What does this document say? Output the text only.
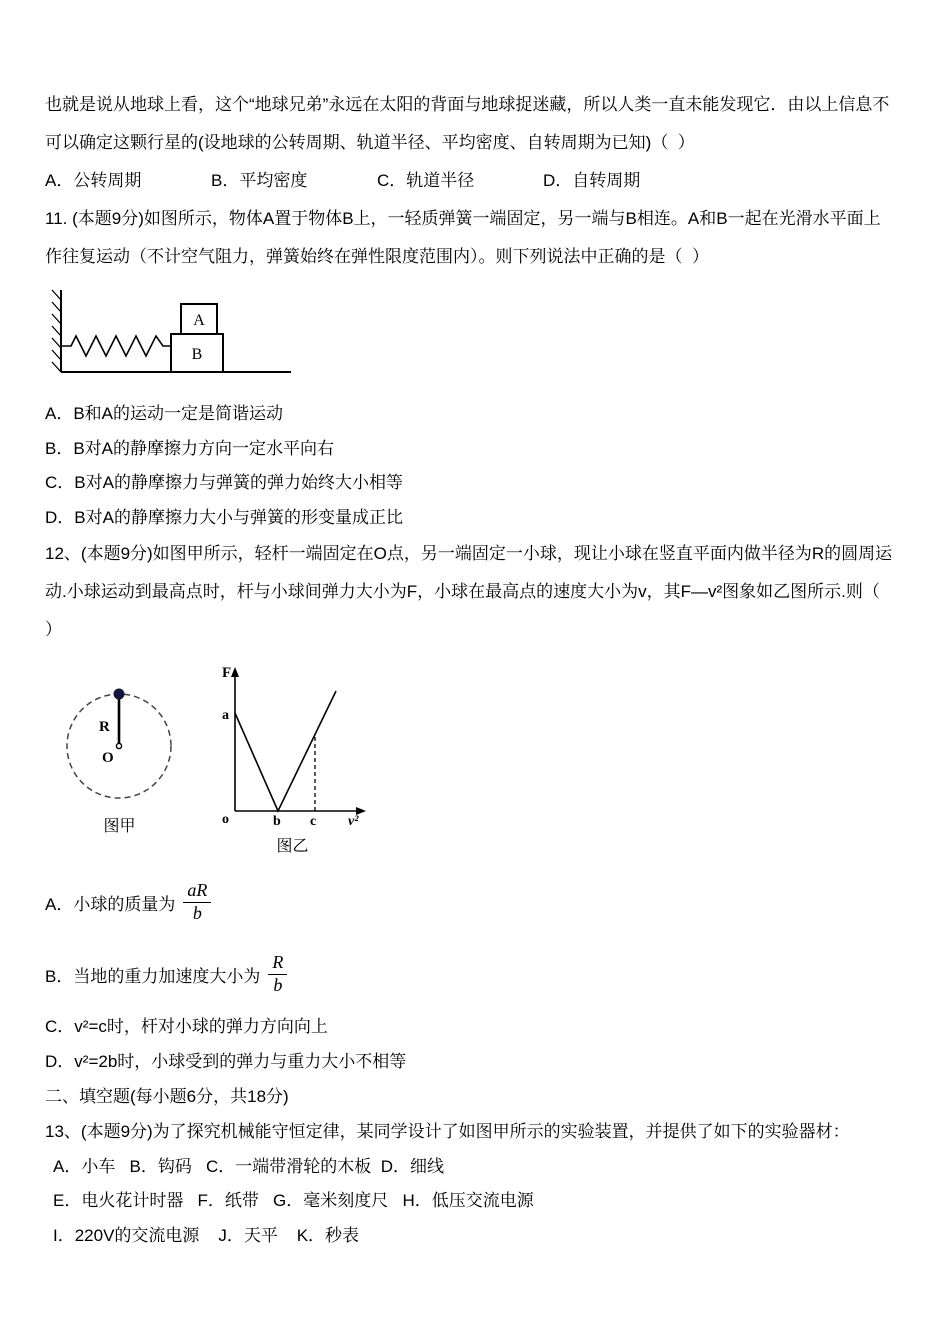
也就是说从地球上看，这个“地球兄弟”永远在太阳的背面与地球捉迷藏，所以人类一直未能发现它．由以上信息不

可以确定这颗行星的(设地球的公转周期、轨道半径、平均密度、自转周期为已知)（  ）

A．公转周期	B．平均密度	C．轨道半径	D．自转周期

11. (本题9分)如图所示，物体A置于物体B上，一轻质弹簧一端固定，另一端与B相连。A和B一起在光滑水平面上

作往复运动（不计空气阻力，弹簧始终在弹性限度范围内）。则下列说法中正确的是（  ）

B
A

A．B和A的运动一定是简谐运动

B．B对A的静摩擦力方向一定水平向右

C．B对A的静摩擦力与弹簧的弹力始终大小相等

D．B对A的静摩擦力大小与弹簧的形变量成正比

12、(本题9分)如图甲所示，轻杆一端固定在O点，另一端固定一小球，现让小球在竖直平面内做半径为R的圆周运

动.小球运动到最高点时，杆与小球间弹力大小为F，小球在最高点的速度大小为v，其F—v²图象如乙图所示.则（

）

R
O
图甲
F
a
o	b c v²
图乙
A．小球的质量为 $\frac{aR}{b}$
B．当地的重力加速度大小为 $\frac{R}{b}$

C．v²=c时，杆对小球的弹力方向向上

D．v²=2b时，小球受到的弹力与重力大小不相等

二、填空题(每小题6分，共18分)

13、(本题9分)为了探究机械能守恒定律，某同学设计了如图甲所示的实验装置，并提供了如下的实验器材：

A．小车   B．钩码   C．一端带滑轮的木板  D．细线

E．电火花计时器   F．纸带   G．毫米刻度尺   H．低压交流电源

I．220V的交流电源    J．天平    K．秒表
